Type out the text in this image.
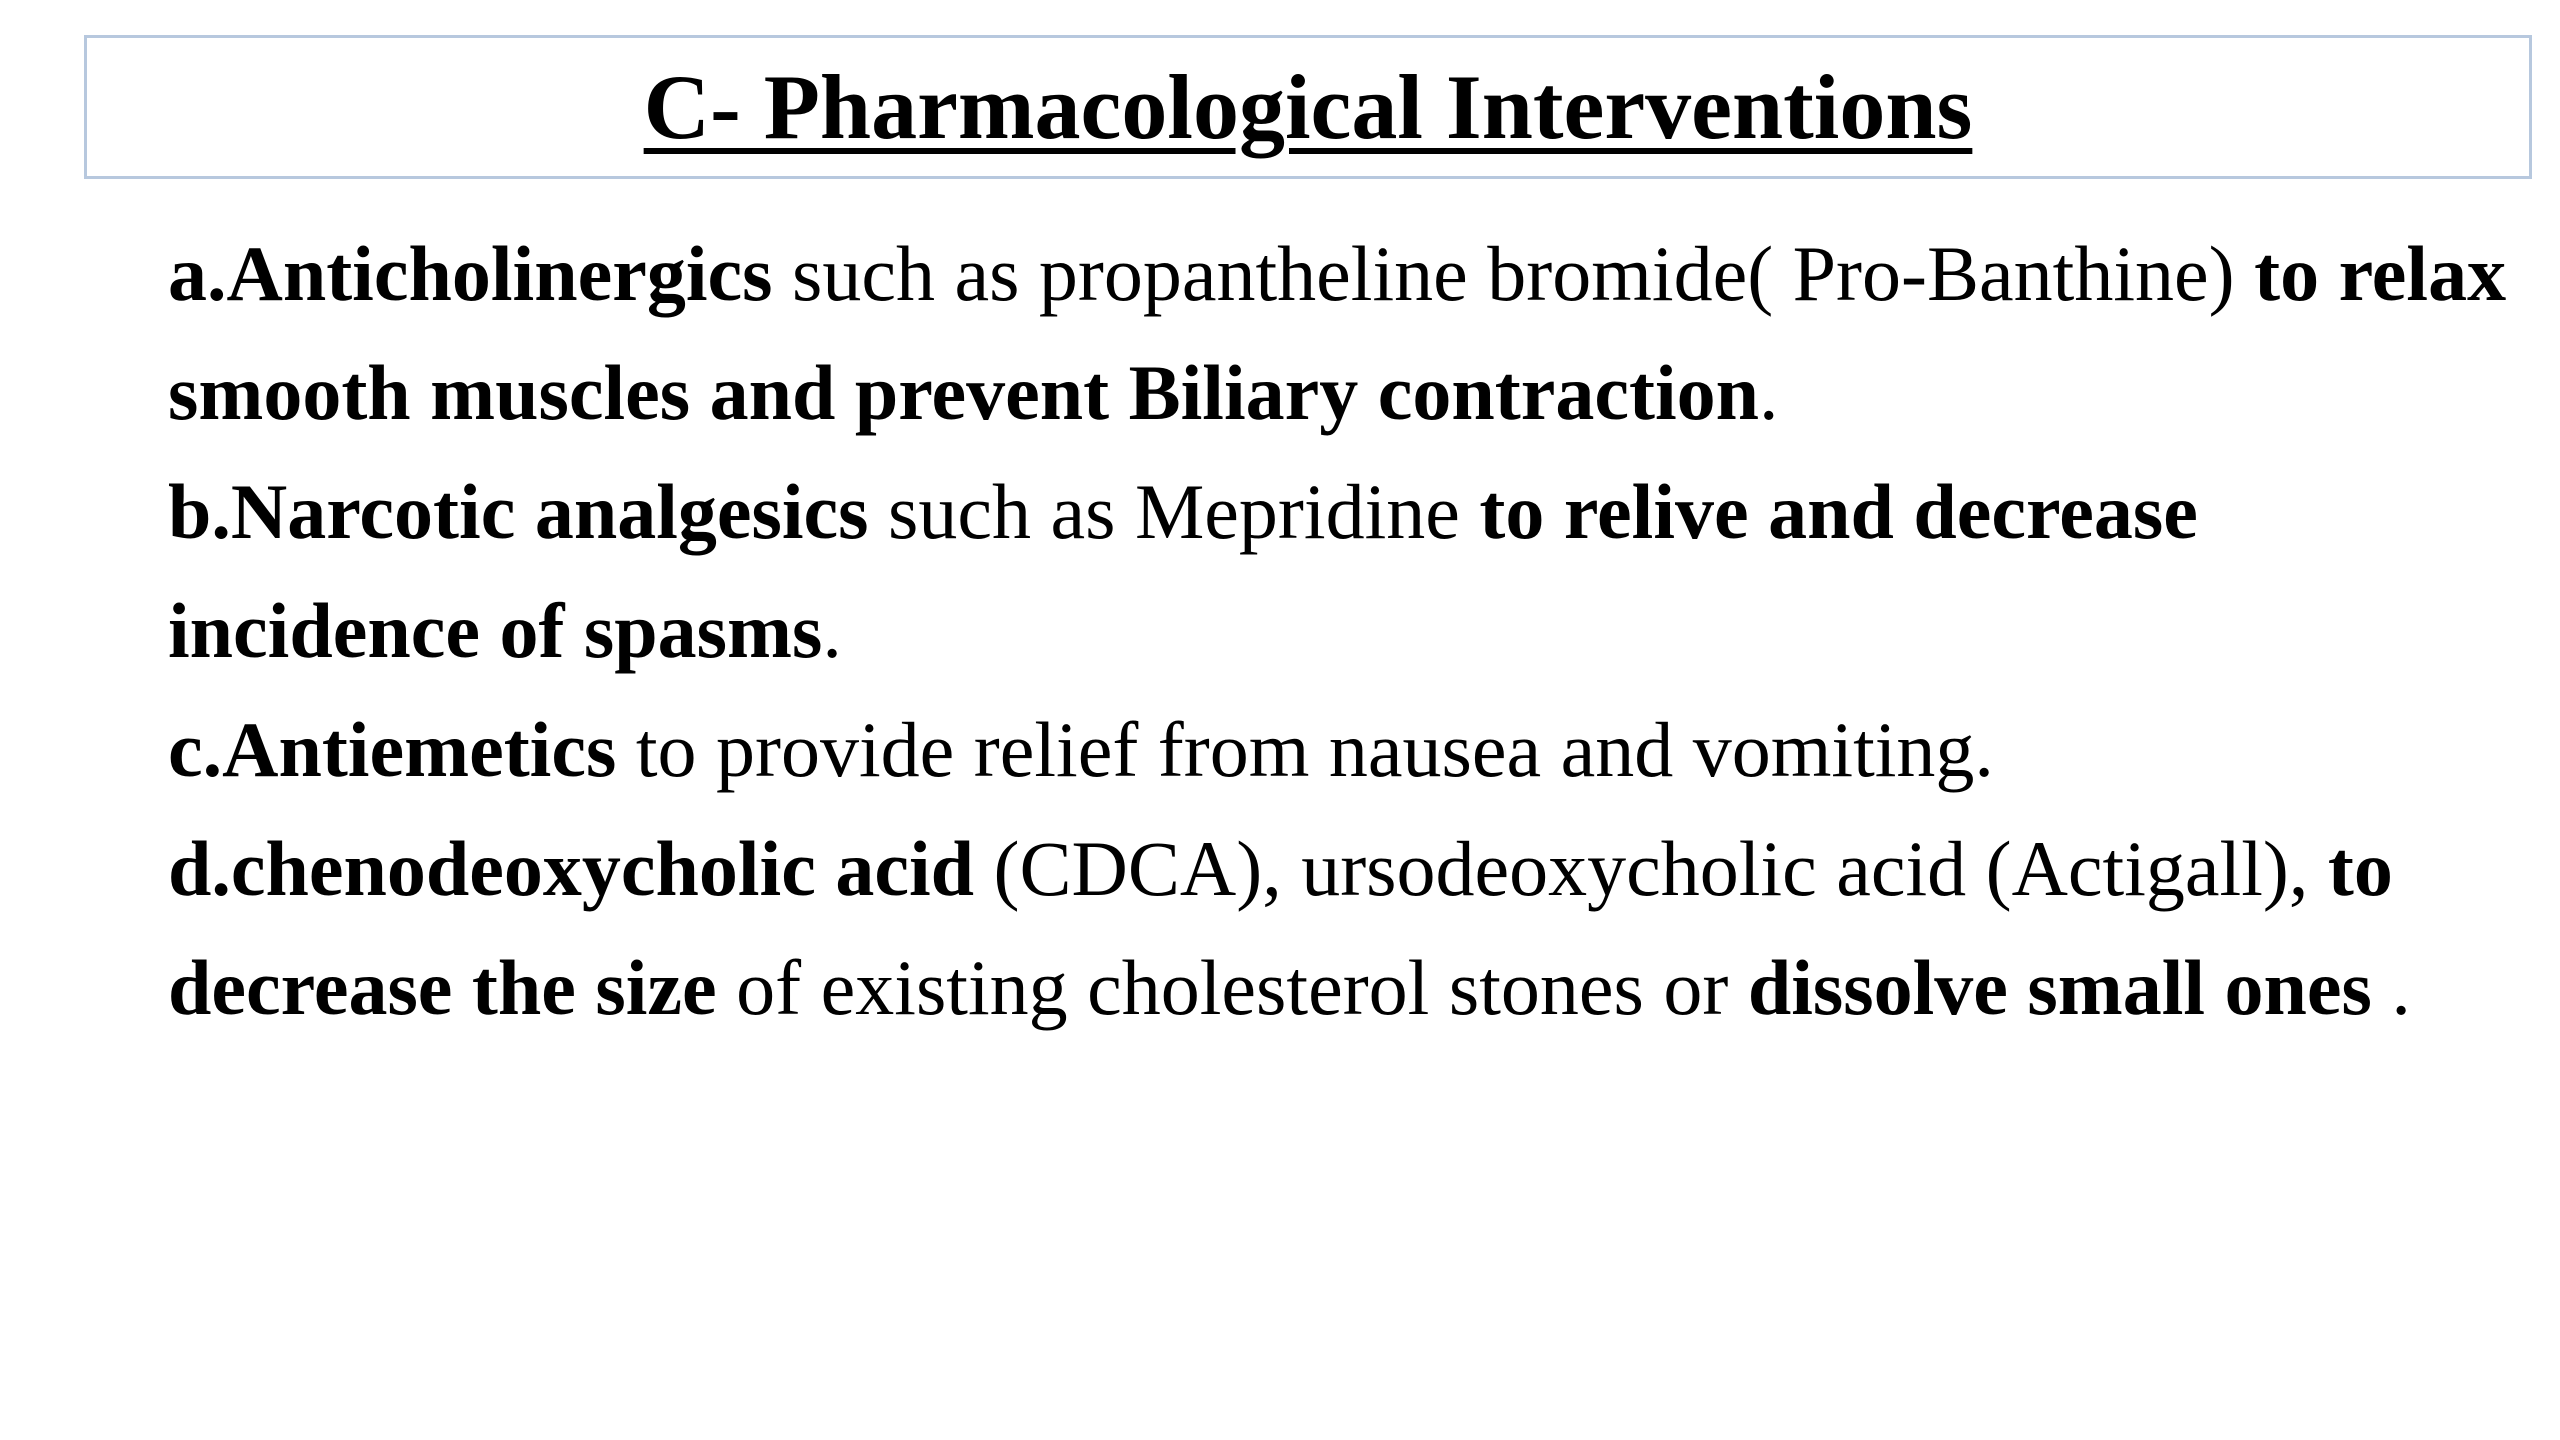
C- Pharmacological Interventions

a.Anticholinergics such as propantheline bromide( Pro-Banthine) to relax smooth muscles and prevent Biliary contraction.

b.Narcotic analgesics such as Mepridine to relive and decrease incidence of spasms.

c.Antiemetics to provide relief from nausea and vomiting.

d.chenodeoxycholic acid (CDCA), ursodeoxycholic acid (Actigall), to decrease the size of existing cholesterol stones or dissolve small ones .
